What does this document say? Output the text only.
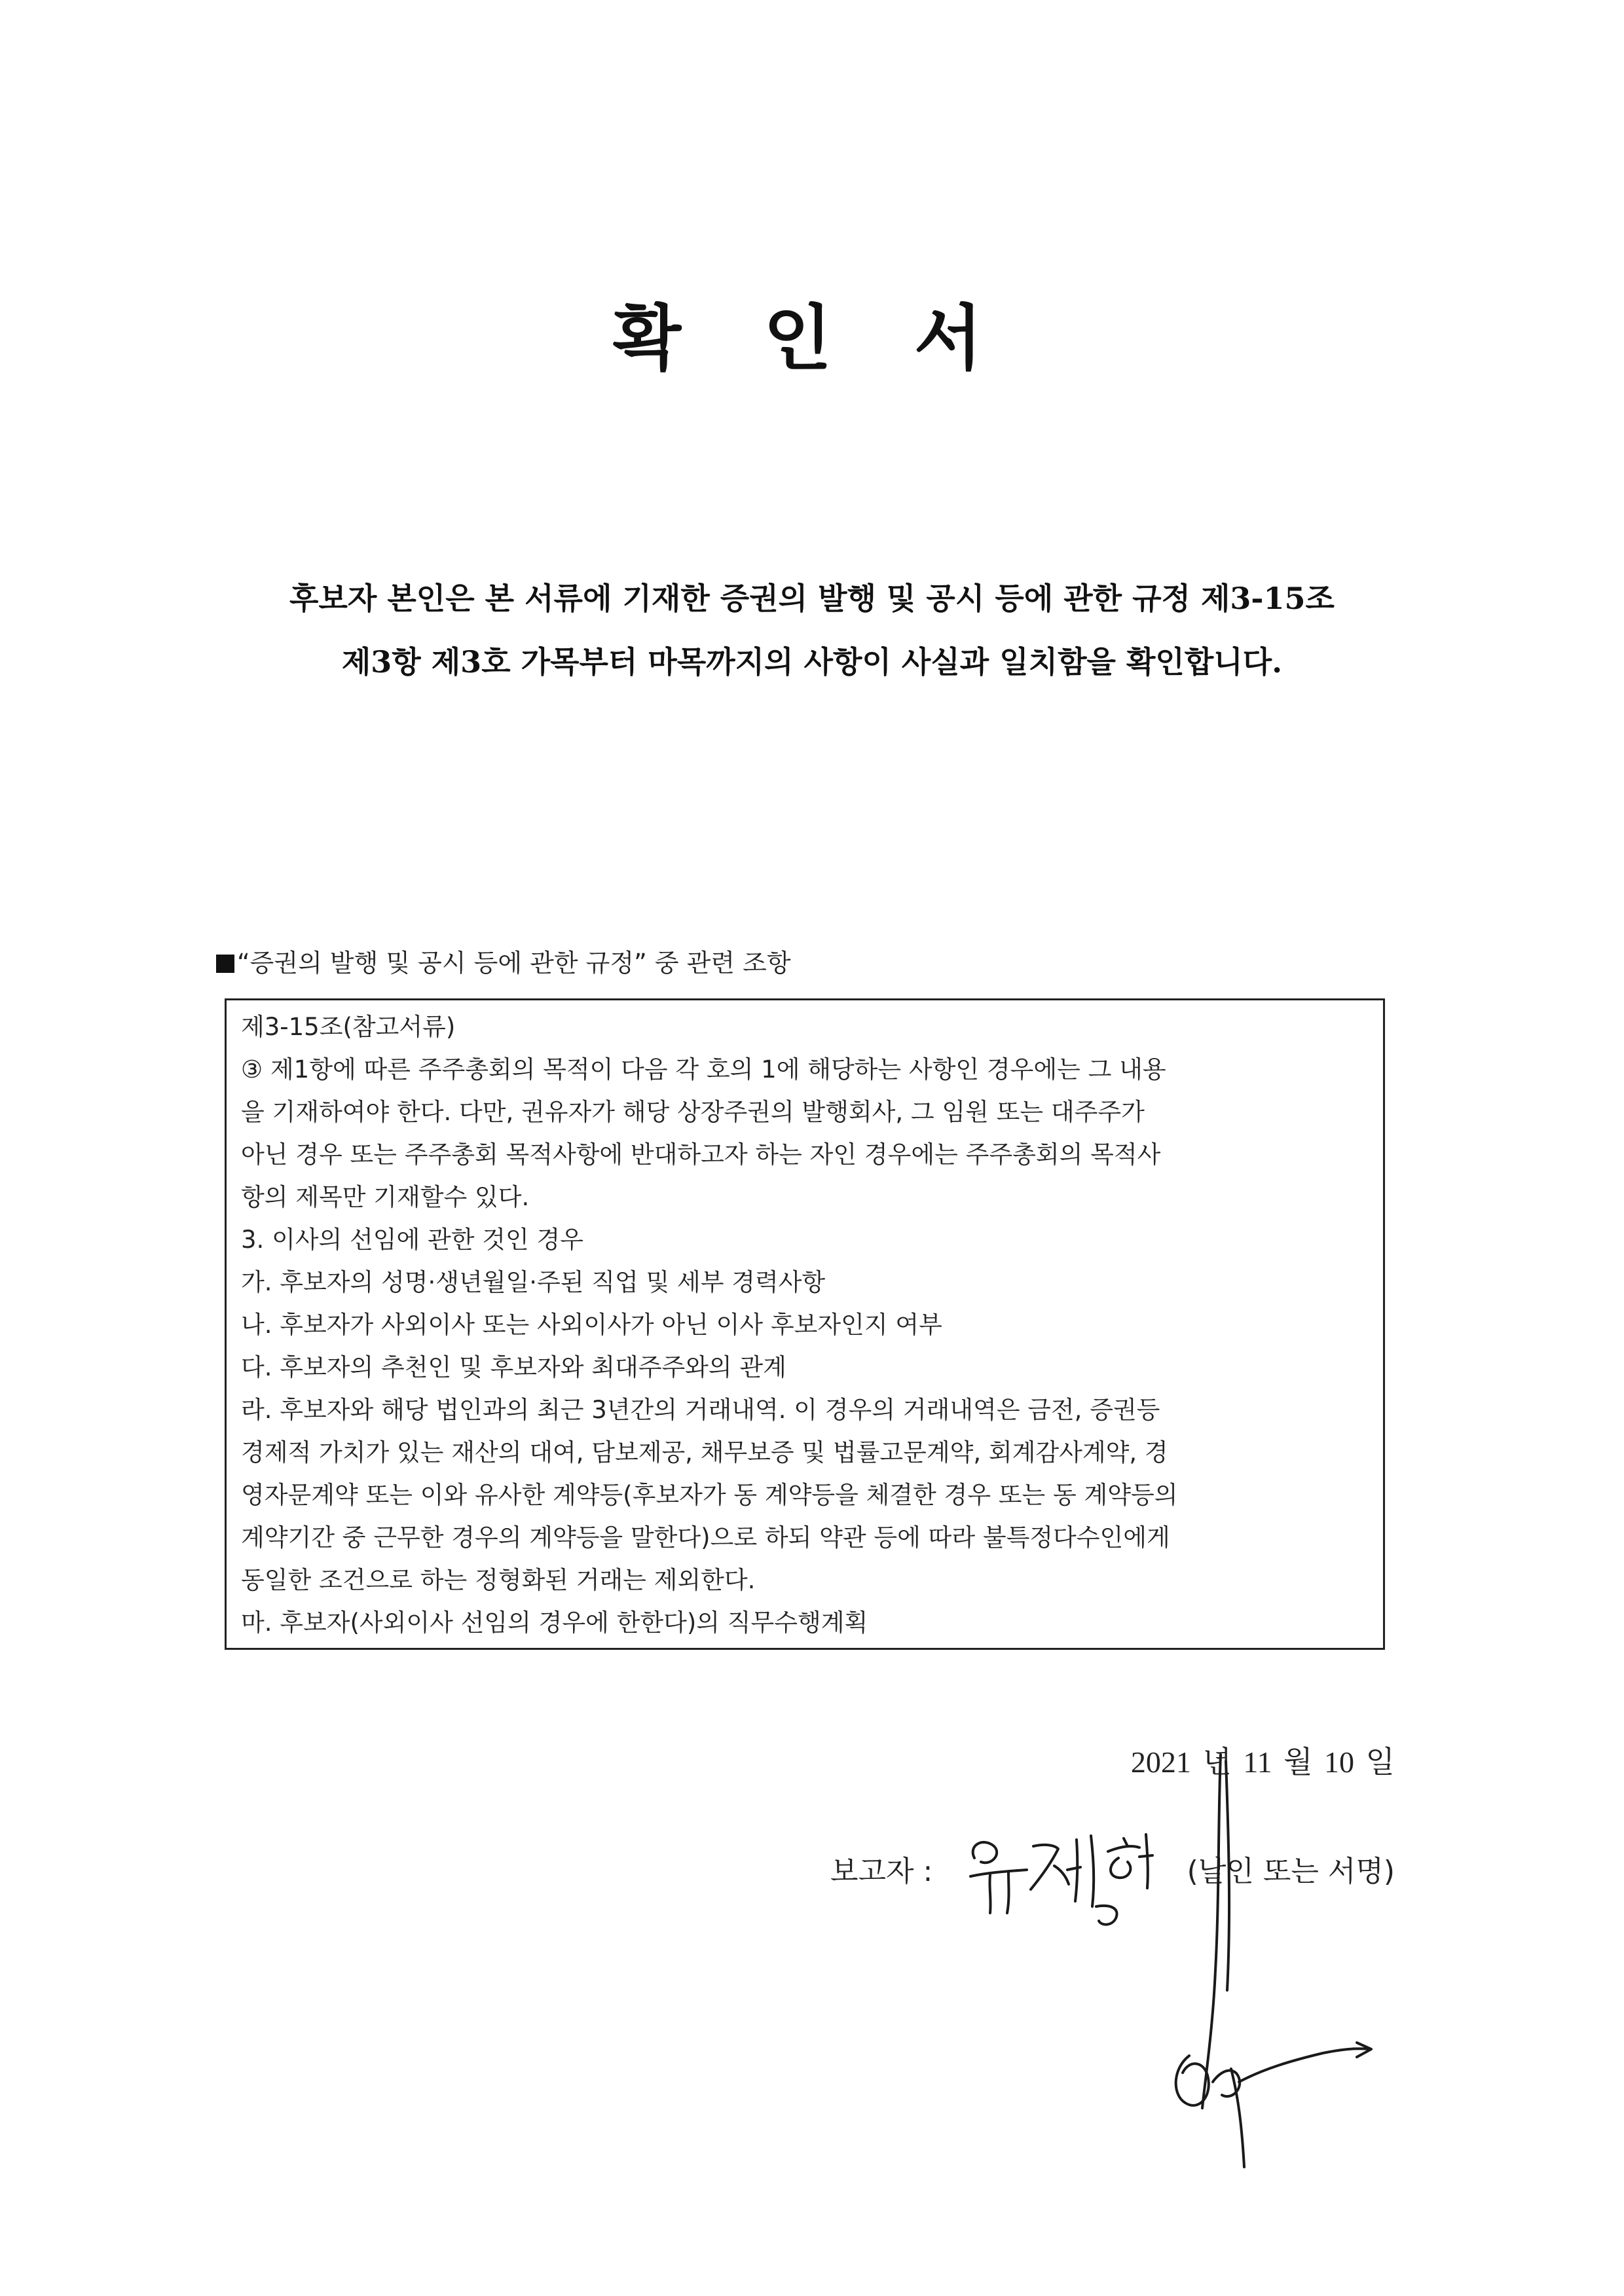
확 인 서
후보자 본인은 본 서류에 기재한 증권의 발행 및 공시 등에 관한 규정 제3-15조
제3항 제3호 가목부터 마목까지의 사항이 사실과 일치함을 확인합니다.
“증권의 발행 및 공시 등에 관한 규정” 중 관련 조항
제3-15조(참고서류)
③ 제1항에 따른 주주총회의 목적이 다음 각 호의 1에 해당하는 사항인 경우에는 그 내용
을 기재하여야 한다. 다만, 권유자가 해당 상장주권의 발행회사, 그 임원 또는 대주주가
아닌 경우 또는 주주총회 목적사항에 반대하고자 하는 자인 경우에는 주주총회의 목적사
항의 제목만 기재할수 있다.
3. 이사의 선임에 관한 것인 경우
가. 후보자의 성명·생년월일·주된 직업 및 세부 경력사항
나. 후보자가 사외이사 또는 사외이사가 아닌 이사 후보자인지 여부
다. 후보자의 추천인 및 후보자와 최대주주와의 관계
라. 후보자와 해당 법인과의 최근 3년간의 거래내역. 이 경우의 거래내역은 금전, 증권등
경제적 가치가 있는 재산의 대여, 담보제공, 채무보증 및 법률고문계약, 회계감사계약, 경
영자문계약 또는 이와 유사한 계약등(후보자가 동 계약등을 체결한 경우 또는 동 계약등의
계약기간 중 근무한 경우의 계약등을 말한다)으로 하되 약관 등에 따라 불특정다수인에게
동일한 조건으로 하는 정형화된 거래는 제외한다.
마. 후보자(사외이사 선임의 경우에 한한다)의 직무수행계획
2021 년 11 월 10 일
보고자 :	(날인 또는 서명)
